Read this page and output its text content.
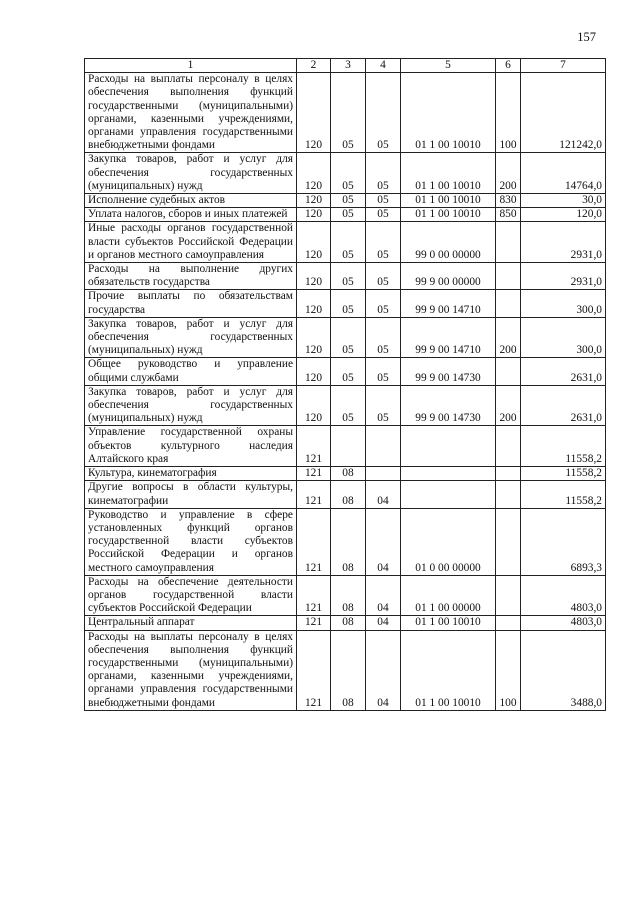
157
1	2	3	4	5	6	7
Расходы на выплаты персоналу в целях обеспечения выполнения функций государственными (муниципальными) органами, казенными учреждениями, органами управления государственными внебюджетными фондами	120	05	05	01 1 00 10010	100	121242,0
Закупка товаров, работ и услуг для обеспечения государственных (муниципальных) нужд	120	05	05	01 1 00 10010	200	14764,0
Исполнение судебных актов	120	05	05	01 1 00 10010	830	30,0
Уплата налогов, сборов и иных платежей	120	05	05	01 1 00 10010	850	120,0
Иные расходы органов государственной власти субъектов Российской Федерации и органов местного самоуправления	120	05	05	99 0 00 00000		2931,0
Расходы на выполнение других обязательств государства	120	05	05	99 9 00 00000		2931,0
Прочие выплаты по обязательствам государства	120	05	05	99 9 00 14710		300,0
Закупка товаров, работ и услуг для обеспечения государственных (муниципальных) нужд	120	05	05	99 9 00 14710	200	300,0
Общее руководство и управление общими службами	120	05	05	99 9 00 14730		2631,0
Закупка товаров, работ и услуг для обеспечения государственных (муниципальных) нужд	120	05	05	99 9 00 14730	200	2631,0
Управление государственной охраны объектов культурного наследия Алтайского края	121					11558,2
Культура, кинематография	121	08				11558,2
Другие вопросы в области культуры, кинематографии	121	08	04			11558,2
Руководство и управление в сфере установленных функций органов государственной власти субъектов Российской Федерации и органов местного самоуправления	121	08	04	01 0 00 00000		6893,3
Расходы на обеспечение деятельности органов государственной власти субъектов Российской Федерации	121	08	04	01 1 00 00000		4803,0
Центральный аппарат	121	08	04	01 1 00 10010		4803,0
Расходы на выплаты персоналу в целях обеспечения выполнения функций государственными (муниципальными) органами, казенными учреждениями, органами управления государственными внебюджетными фондами	121	08	04	01 1 00 10010	100	3488,0
